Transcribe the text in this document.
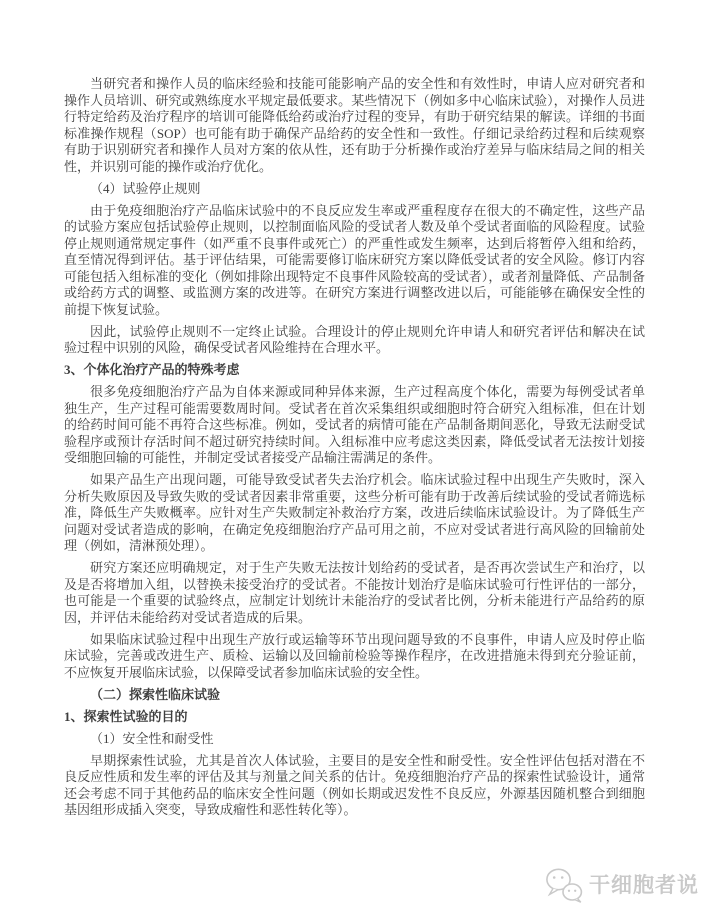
当研究者和操作人员的临床经验和技能可能影响产品的安全性和有效性时，申请人应对研究者和操作人员培训、研究或熟练度水平规定最低要求。某些情况下（例如多中心临床试验），对操作人员进行特定给药及治疗程序的培训可能降低给药或治疗过程的变异，有助于研究结果的解读。详细的书面标准操作规程（SOP）也可能有助于确保产品给药的安全性和一致性。仔细记录给药过程和后续观察有助于识别研究者和操作人员对方案的依从性，还有助于分析操作或治疗差异与临床结局之间的相关性，并识别可能的操作或治疗优化。
（4）试验停止规则
由于免疫细胞治疗产品临床试验中的不良反应发生率或严重程度存在很大的不确定性，这些产品的试验方案应包括试验停止规则，以控制面临风险的受试者人数及单个受试者面临的风险程度。试验停止规则通常规定事件（如严重不良事件或死亡）的严重性或发生频率，达到后将暂停入组和给药，直至情况得到评估。基于评估结果，可能需要修订临床研究方案以降低受试者的安全风险。修订内容可能包括入组标准的变化（例如排除出现特定不良事件风险较高的受试者），或者剂量降低、产品制备或给药方式的调整、或监测方案的改进等。在研究方案进行调整改进以后，可能能够在确保安全性的前提下恢复试验。
因此，试验停止规则不一定终止试验。合理设计的停止规则允许申请人和研究者评估和解决在试验过程中识别的风险，确保受试者风险维持在合理水平。
3、个体化治疗产品的特殊考虑
很多免疫细胞治疗产品为自体来源或同种异体来源，生产过程高度个体化，需要为每例受试者单独生产，生产过程可能需要数周时间。受试者在首次采集组织或细胞时符合研究入组标准，但在计划的给药时间可能不再符合这些标准。例如，受试者的病情可能在产品制备期间恶化，导致无法耐受试验程序或预计存活时间不超过研究持续时间。入组标准中应考虑这类因素，降低受试者无法按计划接受细胞回输的可能性，并制定受试者接受产品输注需满足的条件。
如果产品生产出现问题，可能导致受试者失去治疗机会。临床试验过程中出现生产失败时，深入分析失败原因及导致失败的受试者因素非常重要，这些分析可能有助于改善后续试验的受试者筛选标准，降低生产失败概率。应针对生产失败制定补救治疗方案，改进后续临床试验设计。为了降低生产问题对受试者造成的影响，在确定免疫细胞治疗产品可用之前，不应对受试者进行高风险的回输前处理（例如，清淋预处理）。
研究方案还应明确规定，对于生产失败无法按计划给药的受试者，是否再次尝试生产和治疗，以及是否将增加入组，以替换未接受治疗的受试者。不能按计划治疗是临床试验可行性评估的一部分，也可能是一个重要的试验终点，应制定计划统计未能治疗的受试者比例，分析未能进行产品给药的原因，并评估未能给药对受试者造成的后果。
如果临床试验过程中出现生产放行或运输等环节出现问题导致的不良事件，申请人应及时停止临床试验，完善或改进生产、质检、运输以及回输前检验等操作程序，在改进措施未得到充分验证前，不应恢复开展临床试验，以保障受试者参加临床试验的安全性。
（二）探索性临床试验
1、探索性试验的目的
（1）安全性和耐受性
早期探索性试验，尤其是首次人体试验，主要目的是安全性和耐受性。安全性评估包括对潜在不良反应性质和发生率的评估及其与剂量之间关系的估计。免疫细胞治疗产品的探索性试验设计，通常还会考虑不同于其他药品的临床安全性问题（例如长期或迟发性不良反应，外源基因随机整合到细胞基因组形成插入突变，导致成瘤性和恶性转化等）。
干细胞者说
